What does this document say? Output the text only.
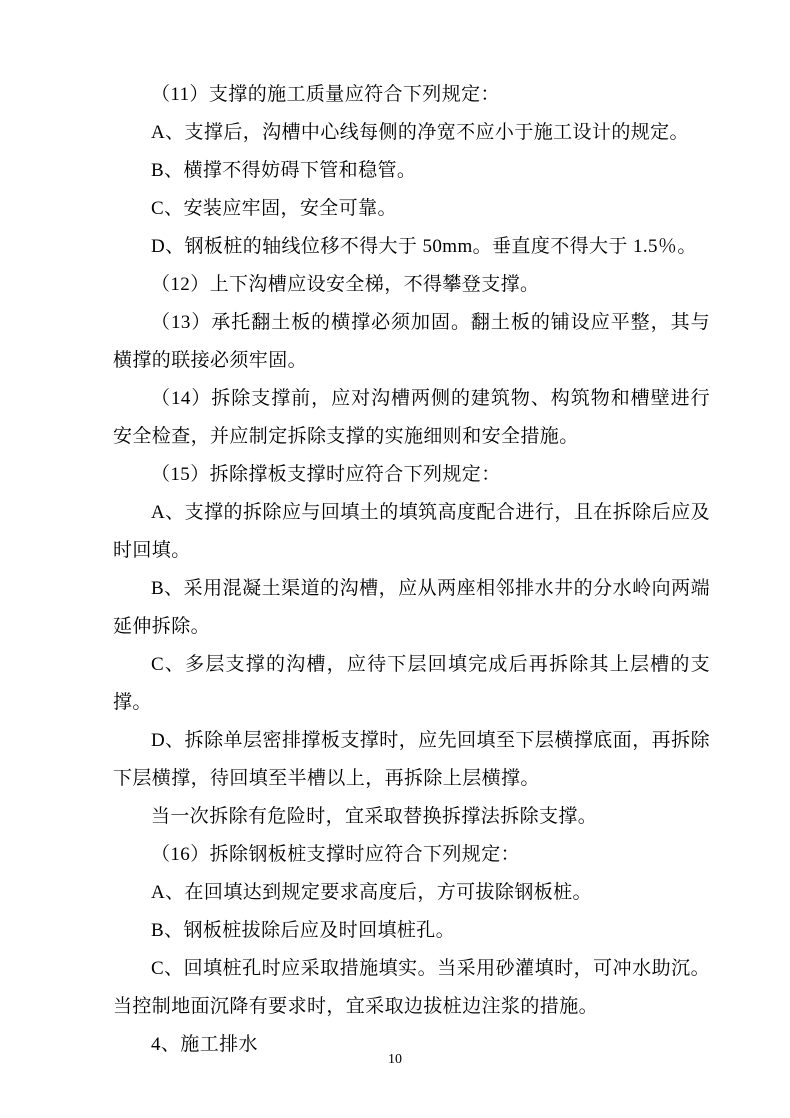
（11）支撑的施工质量应符合下列规定：

A、支撑后，沟槽中心线每侧的净宽不应小于施工设计的规定。

B、横撑不得妨碍下管和稳管。

C、安装应牢固，安全可靠。

D、钢板桩的轴线位移不得大于 50mm。垂直度不得大于 1.5％。

（12）上下沟槽应设安全梯，不得攀登支撑。

（13）承托翻土板的横撑必须加固。翻土板的铺设应平整，其与横撑的联接必须牢固。

（14）拆除支撑前，应对沟槽两侧的建筑物、构筑物和槽壁进行安全检查，并应制定拆除支撑的实施细则和安全措施。

（15）拆除撑板支撑时应符合下列规定：

A、支撑的拆除应与回填土的填筑高度配合进行，且在拆除后应及时回填。

B、采用混凝土渠道的沟槽，应从两座相邻排水井的分水岭向两端延伸拆除。

C、多层支撑的沟槽，应待下层回填完成后再拆除其上层槽的支撑。

D、拆除单层密排撑板支撑时，应先回填至下层横撑底面，再拆除下层横撑，待回填至半槽以上，再拆除上层横撑。

当一次拆除有危险时，宜采取替换拆撑法拆除支撑。

（16）拆除钢板桩支撑时应符合下列规定：

A、在回填达到规定要求高度后，方可拔除钢板桩。

B、钢板桩拔除后应及时回填桩孔。

C、回填桩孔时应采取措施填实。当采用砂灌填时，可冲水助沉。当控制地面沉降有要求时，宜采取边拔桩边注浆的措施。

4、施工排水

10
